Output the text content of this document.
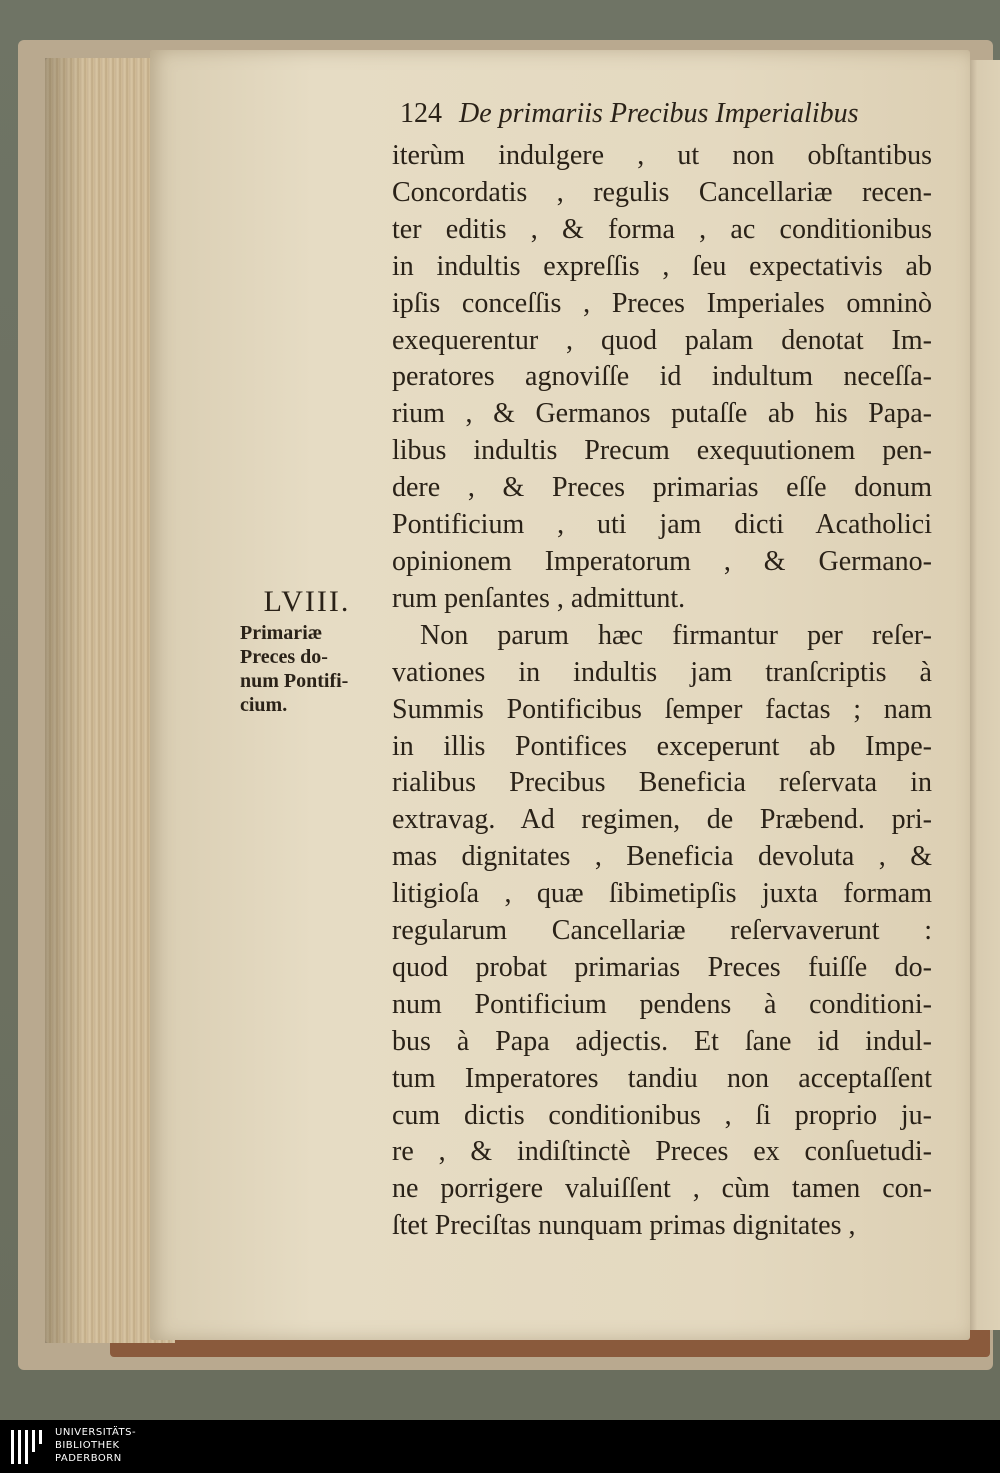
124 De primariis Precibus Imperialibus
iterùm indulgere , ut non obſtantibus
Concordatis , regulis Cancellariæ recen-
ter editis , & forma , ac conditionibus
in indultis expreſſis , ſeu expectativis ab
ipſis conceſſis , Preces Imperiales omninò
exequerentur , quod palam denotat Im-
peratores agnoviſſe id indultum neceſſa-
rium , & Germanos putaſſe ab his Papa-
libus indultis Precum exequutionem pen-
dere , & Preces primarias eſſe donum
Pontificium , uti jam dicti Acatholici
opinionem Imperatorum , & Germano-
rum penſantes , admittunt.
Non parum hæc firmantur per reſer-
vationes in indultis jam tranſcriptis à
Summis Pontificibus ſemper factas ; nam
in illis Pontifices exceperunt ab Impe-
rialibus Precibus Beneficia reſervata in
extravag. Ad regimen, de Præbend. pri-
mas dignitates , Beneficia devoluta , &
litigioſa , quæ ſibimetipſis juxta formam
regularum Cancellariæ reſervaverunt :
quod probat primarias Preces fuiſſe do-
num Pontificium pendens à conditioni-
bus à Papa adjectis. Et ſane id indul-
tum Imperatores tandiu non acceptaſſent
cum dictis conditionibus , ſi proprio ju-
re , & indiſtinctè Preces ex conſuetudi-
ne porrigere valuiſſent , cùm tamen con-
ſtet Preciſtas nunquam primas dignitates ,
LVIII.
Primariæ
Preces do-
num Pontifi-
cium.
UNIVERSITÄTS-
BIBLIOTHEK
PADERBORN
